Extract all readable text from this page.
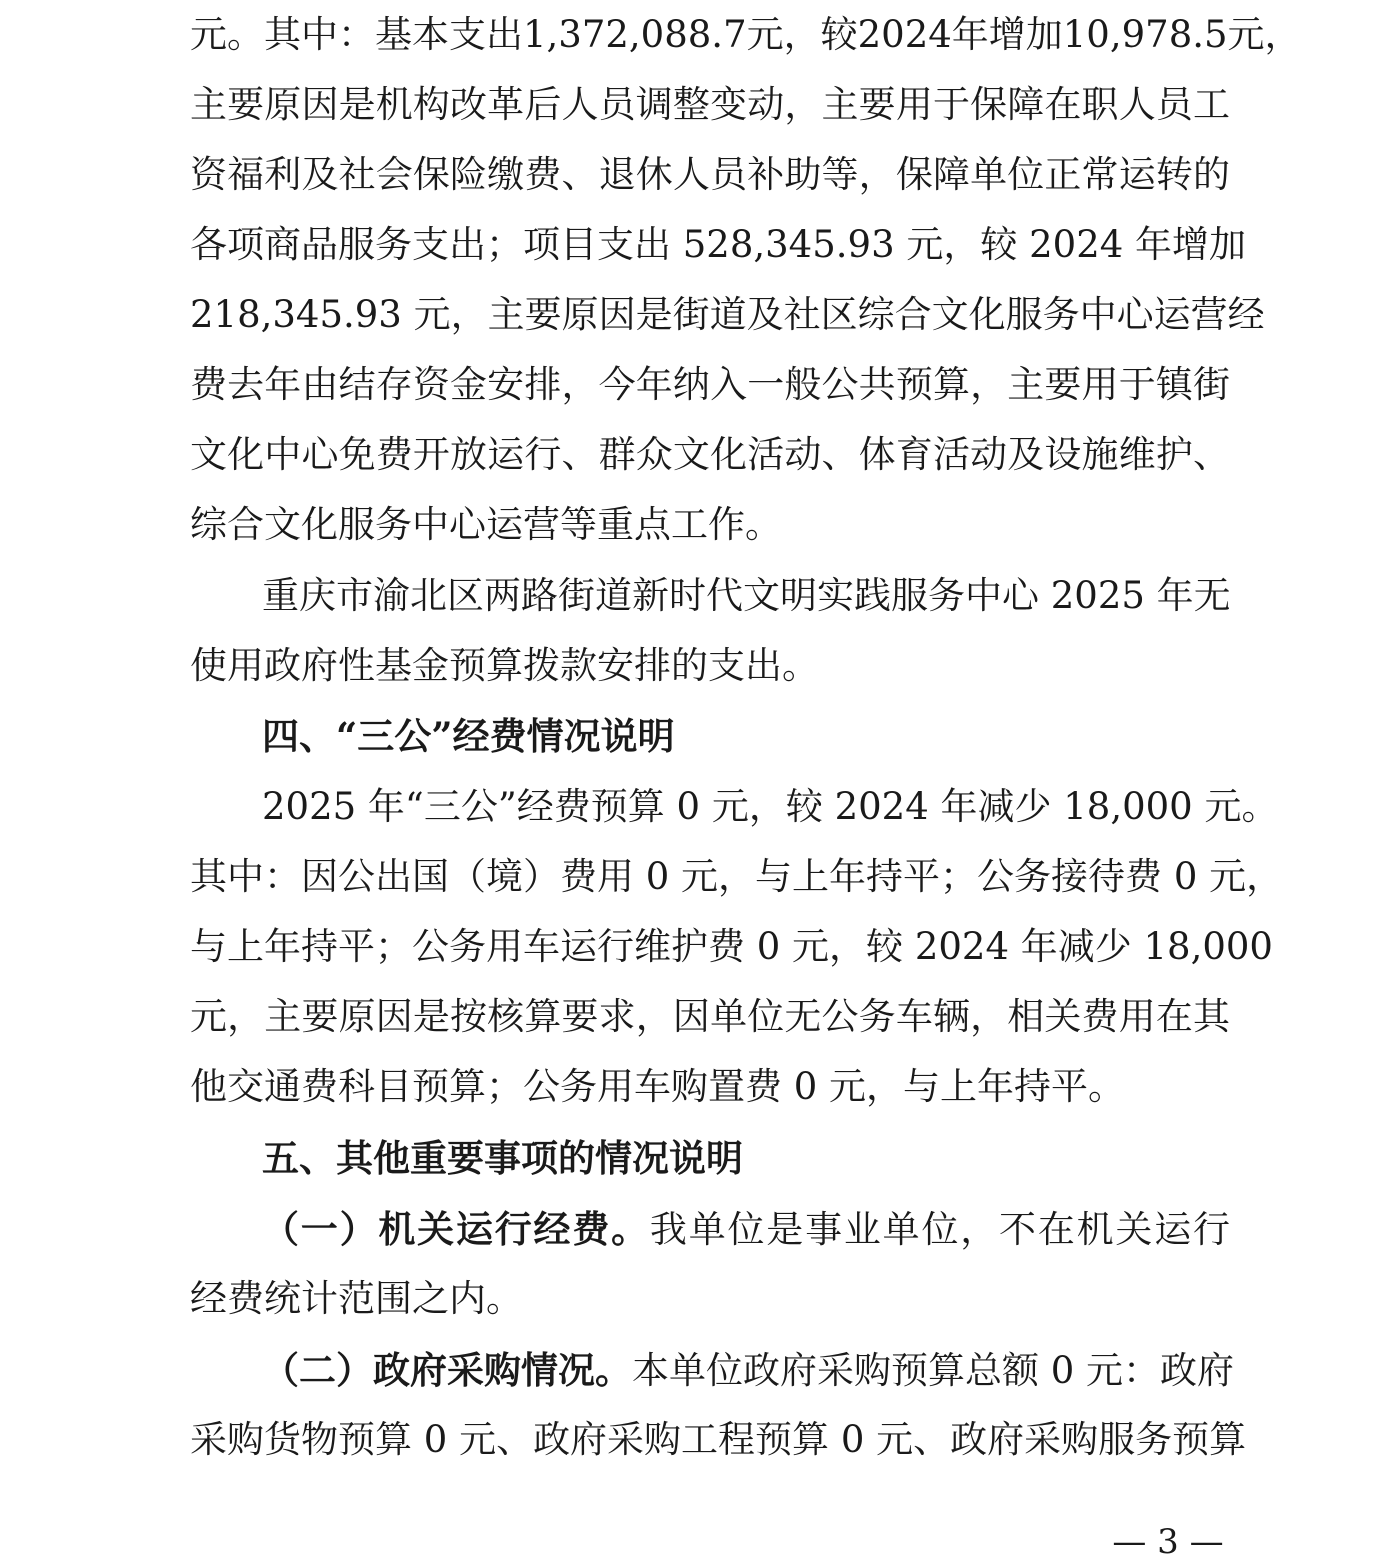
元。其中：基本支出1,372,088.7元，较2024年增加10,978.5元，
主要原因是机构改革后人员调整变动，主要用于保障在职人员工
资福利及社会保险缴费、退休人员补助等，保障单位正常运转的
各项商品服务支出；项目支出 528,345.93 元，较 2024 年增加
218,345.93 元，主要原因是街道及社区综合文化服务中心运营经
费去年由结存资金安排，今年纳入一般公共预算，主要用于镇街
文化中心免费开放运行、群众文化活动、体育活动及设施维护、
综合文化服务中心运营等重点工作。
重庆市渝北区两路街道新时代文明实践服务中心 2025 年无
使用政府性基金预算拨款安排的支出。
四、“三公”经费情况说明
2025 年“三公”经费预算 0 元，较 2024 年减少 18,000 元。
其中：因公出国（境）费用 0 元，与上年持平；公务接待费 0 元，
与上年持平；公务用车运行维护费 0 元，较 2024 年减少 18,000
元，主要原因是按核算要求，因单位无公务车辆，相关费用在其
他交通费科目预算；公务用车购置费 0 元，与上年持平。
五、其他重要事项的情况说明
（一）机关运行经费。我单位是事业单位，不在机关运行
经费统计范围之内。
（二）政府采购情况。本单位政府采购预算总额 0 元：政府
采购货物预算 0 元、政府采购工程预算 0 元、政府采购服务预算
— 3 —
